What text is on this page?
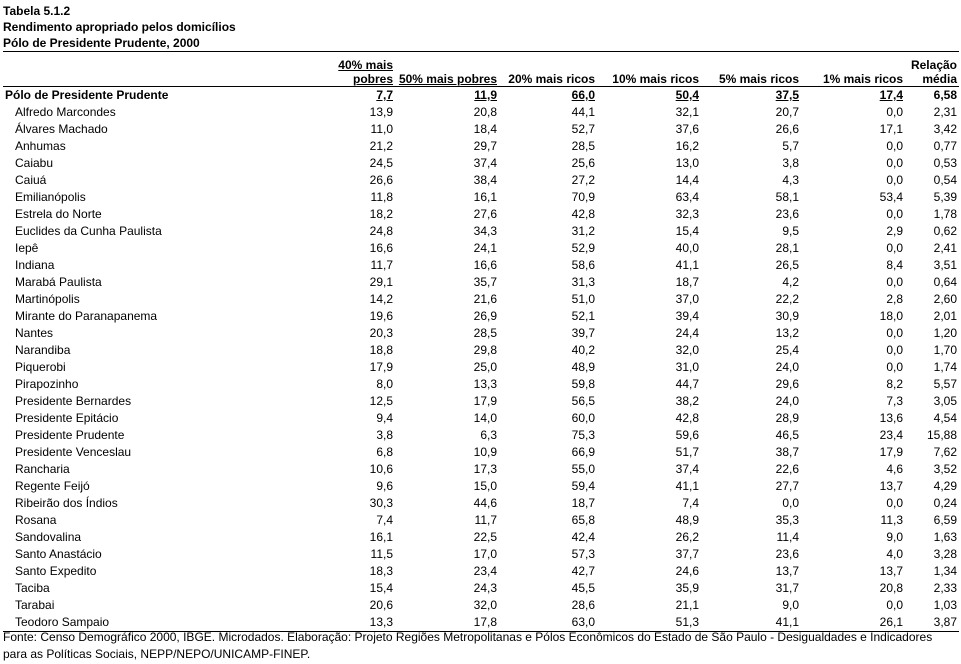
Tabela 5.1.2
Rendimento apropriado pelos domicílios
Pólo de Presidente Prudente, 2000
	40% mais pobres	50% mais pobres	20% mais ricos	10% mais ricos	5% mais ricos	1% mais ricos	Relação média
Pólo de Presidente Prudente	7,7	11,9	66,0	50,4	37,5	17,4	6,58
Alfredo Marcondes	13,9	20,8	44,1	32,1	20,7	0,0	2,31
Álvares Machado	11,0	18,4	52,7	37,6	26,6	17,1	3,42
Anhumas	21,2	29,7	28,5	16,2	5,7	0,0	0,77
Caiabu	24,5	37,4	25,6	13,0	3,8	0,0	0,53
Caiuá	26,6	38,4	27,2	14,4	4,3	0,0	0,54
Emilianópolis	11,8	16,1	70,9	63,4	58,1	53,4	5,39
Estrela do Norte	18,2	27,6	42,8	32,3	23,6	0,0	1,78
Euclides da Cunha Paulista	24,8	34,3	31,2	15,4	9,5	2,9	0,62
Iepê	16,6	24,1	52,9	40,0	28,1	0,0	2,41
Indiana	11,7	16,6	58,6	41,1	26,5	8,4	3,51
Marabá Paulista	29,1	35,7	31,3	18,7	4,2	0,0	0,64
Martinópolis	14,2	21,6	51,0	37,0	22,2	2,8	2,60
Mirante do Paranapanema	19,6	26,9	52,1	39,4	30,9	18,0	2,01
Nantes	20,3	28,5	39,7	24,4	13,2	0,0	1,20
Narandiba	18,8	29,8	40,2	32,0	25,4	0,0	1,70
Piquerobi	17,9	25,0	48,9	31,0	24,0	0,0	1,74
Pirapozinho	8,0	13,3	59,8	44,7	29,6	8,2	5,57
Presidente Bernardes	12,5	17,9	56,5	38,2	24,0	7,3	3,05
Presidente Epitácio	9,4	14,0	60,0	42,8	28,9	13,6	4,54
Presidente Prudente	3,8	6,3	75,3	59,6	46,5	23,4	15,88
Presidente Venceslau	6,8	10,9	66,9	51,7	38,7	17,9	7,62
Rancharia	10,6	17,3	55,0	37,4	22,6	4,6	3,52
Regente Feijó	9,6	15,0	59,4	41,1	27,7	13,7	4,29
Ribeirão dos Índios	30,3	44,6	18,7	7,4	0,0	0,0	0,24
Rosana	7,4	11,7	65,8	48,9	35,3	11,3	6,59
Sandovalina	16,1	22,5	42,4	26,2	11,4	9,0	1,63
Santo Anastácio	11,5	17,0	57,3	37,7	23,6	4,0	3,28
Santo Expedito	18,3	23,4	42,7	24,6	13,7	13,7	1,34
Taciba	15,4	24,3	45,5	35,9	31,7	20,8	2,33
Tarabai	20,6	32,0	28,6	21,1	9,0	0,0	1,03
Teodoro Sampaio	13,3	17,8	63,0	51,3	41,1	26,1	3,87
Fonte: Censo Demográfico 2000, IBGE. Microdados. Elaboração: Projeto Regiões Metropolitanas e Pólos Econômicos do Estado de São Paulo - Desigualdades e Indicadores para as Políticas Sociais, NEPP/NEPO/UNICAMP-FINEP.
